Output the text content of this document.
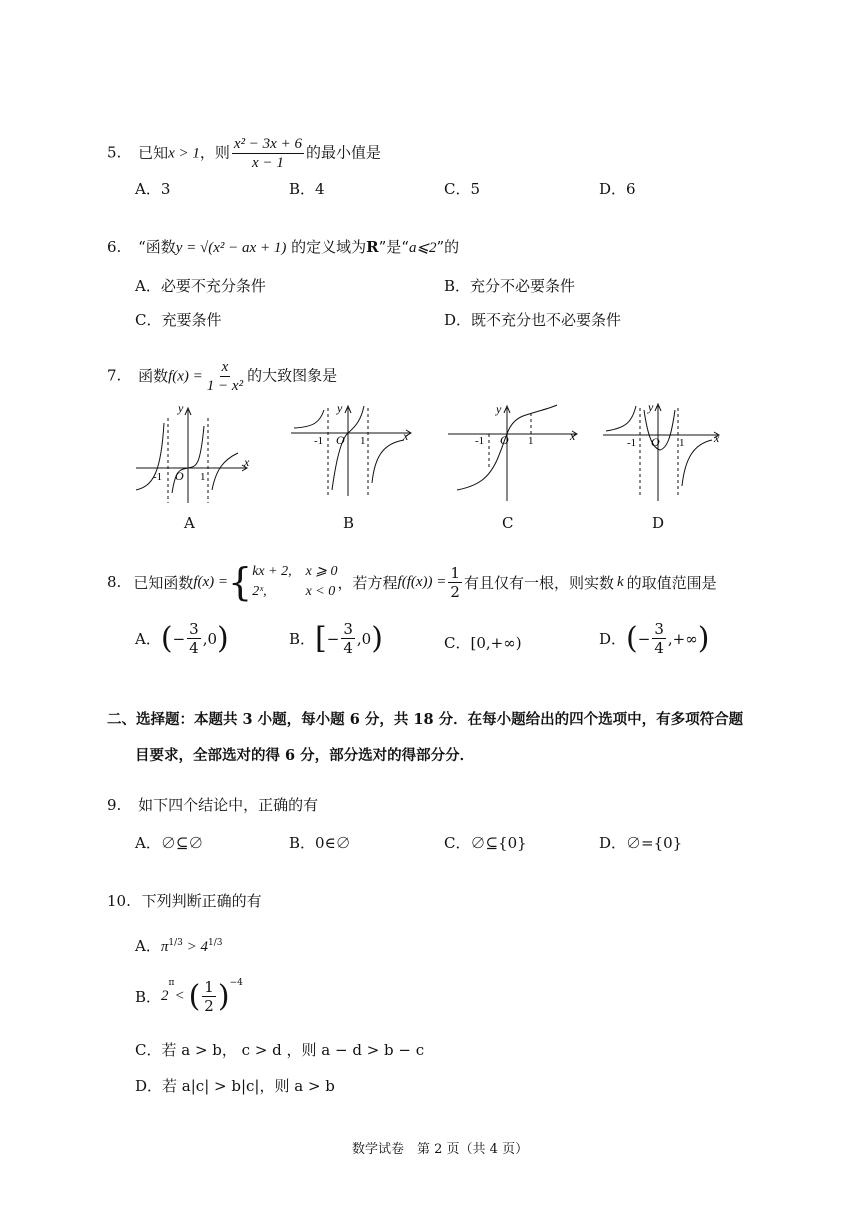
5. 已知x > 1，则 $\frac{\text{x² − 3x + 6}}{x - 1}$ 的最小值是
A．3	B．4	C．5	D．6
6. “函数y = √(x² − ax + 1) 的定义域为R”是“a⩽2”的
A．必要不充分条件	B．充分不必要条件
C．充要条件	D．既不充分也不必要条件
7. 函数$f(x) = \frac{x}{\text{1 − x²}}$ 的大致图象是
x
y
-1 O 1
x
y
-1 O 1	x
y
-1 O 1	x
y
-1 O 1
A	B	C	D
8. 已知函数 f(x) = { kx + 2,
2ˣ,
x ⩾ 0
x < 0 ，若方程 $f(f(x)) = \frac{1}{2}$ 有且仅有一根，则实数 k 的取值范围是
A． ( − $\frac{3}{4} ,0$ )	B． [ − $\frac{3}{4} ,0$ )	C．[0,+∞)	D． ( − $\frac{3}{4}$ ,+∞ )
二、选择题：本题共 3 小题，每小题 6 分，共 18 分．在每小题给出的四个选项中，有多项符合题
目要求，全部选对的得 6 分，部分选对的得部分分．
9. 如下四个结论中，正确的有
A．∅⊆∅	B．0∈∅	C．∅⊆{0}	D．∅={0}
10. 下列判断正确的有
A．$\pi^{1/3} > 4^{1/3}$
B． 2
π
< ( $\frac{1}{2} )^{-4}$
C．若 a > b， c > d ，则 a − d > b − c
D．若 a|c| > b|c|，则 a > b
数学试卷　第 2 页（共 4 页）
